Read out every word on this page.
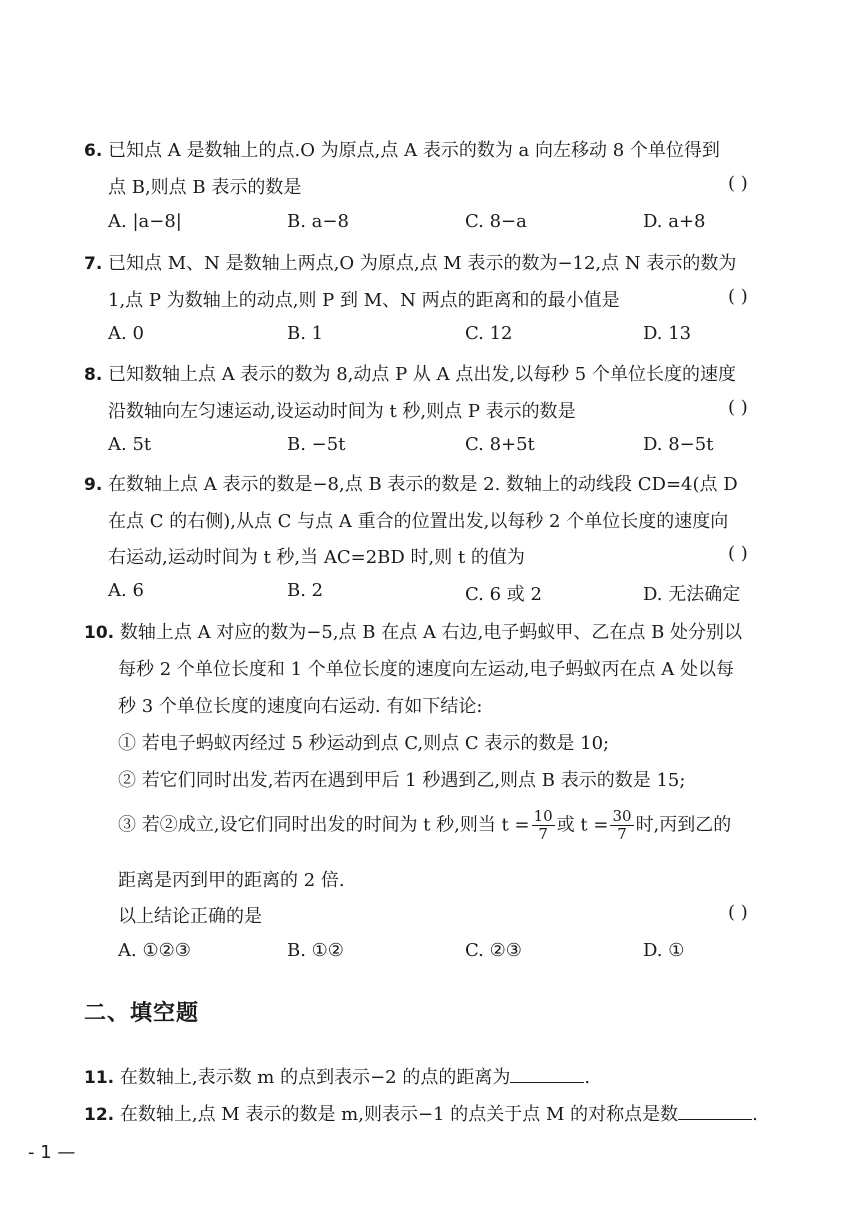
6. 已知点 A 是数轴上的点.O 为原点,点 A 表示的数为 a 向左移动 8 个单位得到
点 B,则点 B 表示的数是	( )
A. |a−8|	B. a−8	C. 8−a	D. a+8
7. 已知点 M、N 是数轴上两点,O 为原点,点 M 表示的数为−12,点 N 表示的数为
1,点 P 为数轴上的动点,则 P 到 M、N 两点的距离和的最小值是	( )
A. 0	B. 1	C. 12	D. 13
8. 已知数轴上点 A 表示的数为 8,动点 P 从 A 点出发,以每秒 5 个单位长度的速度
沿数轴向左匀速运动,设运动时间为 t 秒,则点 P 表示的数是	( )
A. 5t	B. −5t	C. 8+5t	D. 8−5t
9. 在数轴上点 A 表示的数是−8,点 B 表示的数是 2. 数轴上的动线段 CD=4(点 D
在点 C 的右侧),从点 C 与点 A 重合的位置出发,以每秒 2 个单位长度的速度向
右运动,运动时间为 t 秒,当 AC=2BD 时,则 t 的值为	( )
A. 6	B. 2	C. 6 或 2	D. 无法确定
10. 数轴上点 A 对应的数为−5,点 B 在点 A 右边,电子蚂蚁甲、乙在点 B 处分别以
每秒 2 个单位长度和 1 个单位长度的速度向左运动,电子蚂蚁丙在点 A 处以每
秒 3 个单位长度的速度向右运动. 有如下结论:
① 若电子蚂蚁丙经过 5 秒运动到点 C,则点 C 表示的数是 10;
② 若它们同时出发,若丙在遇到甲后 1 秒遇到乙,则点 B 表示的数是 15;
③ 若②成立,设它们同时出发的时间为 t 秒,则当 $t = \frac{10}{7}$ 或 $t = \frac{30}{7}$ 时,丙到乙的
距离是丙到甲的距离的 2 倍.
以上结论正确的是	( )
A. ①②③	B. ①②	C. ②③	D. ①
二、填空题
11. 在数轴上,表示数 m 的点到表示−2 的点的距离为	.
12. 在数轴上,点 M 表示的数是 m,则表示−1 的点关于点 M 的对称点是数	.
- 1 —
